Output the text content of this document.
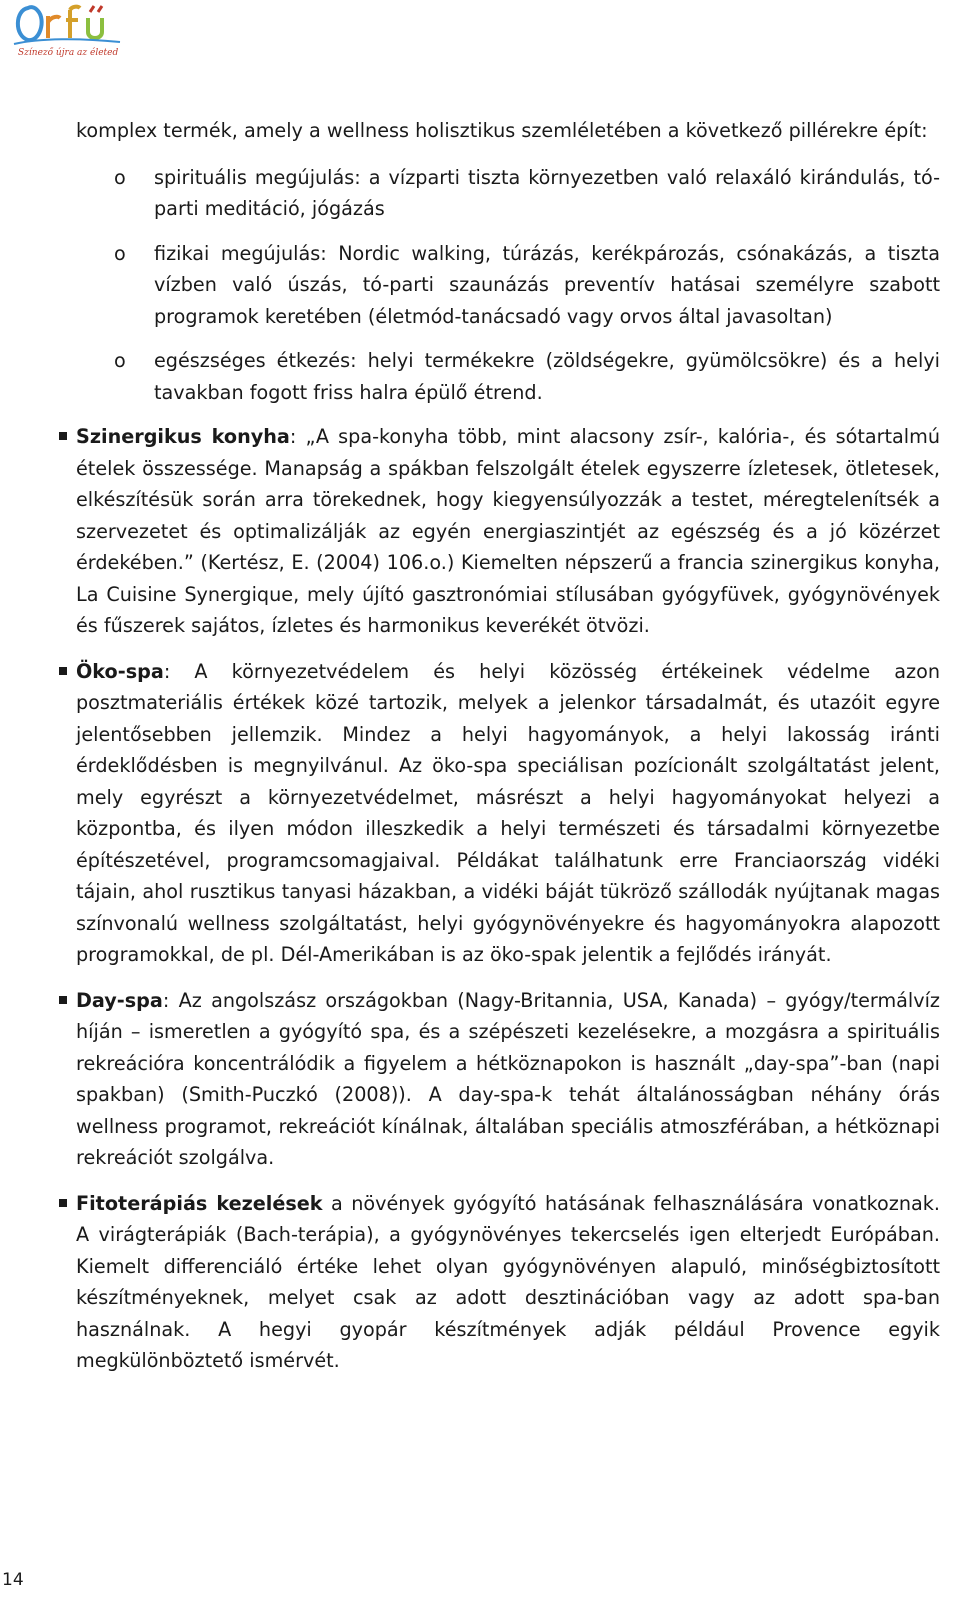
Színező újra az életed

komplex termék, amely a wellness holisztikus szemléletében a következő pillérekre épít:

o spirituális megújulás: a vízparti tiszta környezetben való relaxáló kirándulás, tó-parti meditáció, jógázás
o fizikai megújulás: Nordic walking, túrázás, kerékpározás, csónakázás, a tiszta vízben való úszás, tó-parti szaunázás preventív hatásai személyre szabott programok keretében (életmód-tanácsadó vagy orvos által javasoltan)
o egészséges étkezés: helyi termékekre (zöldségekre, gyümölcsökre) és a helyi tavakban fogott friss halra épülő étrend.
Szinergikus konyha: „A spa-konyha több, mint alacsony zsír-, kalória-, és sótartalmú ételek összessége. Manapság a spákban felszolgált ételek egyszerre ízletesek, ötletesek, elkészítésük során arra törekednek, hogy kiegyensúlyozzák a testet, méregtelenítsék a szervezetet és optimalizálják az egyén energiaszintjét az egészség és a jó közérzet érdekében.” (Kertész, E. (2004) 106.o.) Kiemelten népszerű a francia szinergikus konyha, La Cuisine Synergique, mely újító gasztronómiai stílusában gyógyfüvek, gyógynövények és fűszerek sajátos, ízletes és harmonikus keverékét ötvözi.
Öko-spa: A környezetvédelem és helyi közösség értékeinek védelme azon posztmateriális értékek közé tartozik, melyek a jelenkor társadalmát, és utazóit egyre jelentősebben jellemzik. Mindez a helyi hagyományok, a helyi lakosság iránti érdeklődésben is megnyilvánul. Az öko-spa speciálisan pozícionált szolgáltatást jelent, mely egyrészt a környezetvédelmet, másrészt a helyi hagyományokat helyezi a központba, és ilyen módon illeszkedik a helyi természeti és társadalmi környezetbe építészetével, programcsomagjaival. Példákat találhatunk erre Franciaország vidéki tájain, ahol rusztikus tanyasi házakban, a vidéki báját tükröző szállodák nyújtanak magas színvonalú wellness szolgáltatást, helyi gyógynövényekre és hagyományokra alapozott programokkal, de pl. Dél-Amerikában is az öko-spak jelentik a fejlődés irányát.
Day-spa: Az angolszász országokban (Nagy-Britannia, USA, Kanada) – gyógy/termálvíz híján – ismeretlen a gyógyító spa, és a szépészeti kezelésekre, a mozgásra a spirituális rekreációra koncentrálódik a figyelem a hétköznapokon is használt „day-spa”-ban (napi spakban) (Smith-Puczkó (2008)). A day-spa-k tehát általánosságban néhány órás wellness programot, rekreációt kínálnak, általában speciális atmoszférában, a hétköznapi rekreációt szolgálva.
Fitoterápiás kezelések a növények gyógyító hatásának felhasználására vonatkoznak. A virágterápiák (Bach-terápia), a gyógynövényes tekercselés igen elterjedt Európában. Kiemelt differenciáló értéke lehet olyan gyógynövényen alapuló, minőségbiztosított készítményeknek, melyet csak az adott desztinációban vagy az adott spa-ban használnak. A hegyi gyopár készítmények adják például Provence egyik megkülönböztető ismérvét.
14
